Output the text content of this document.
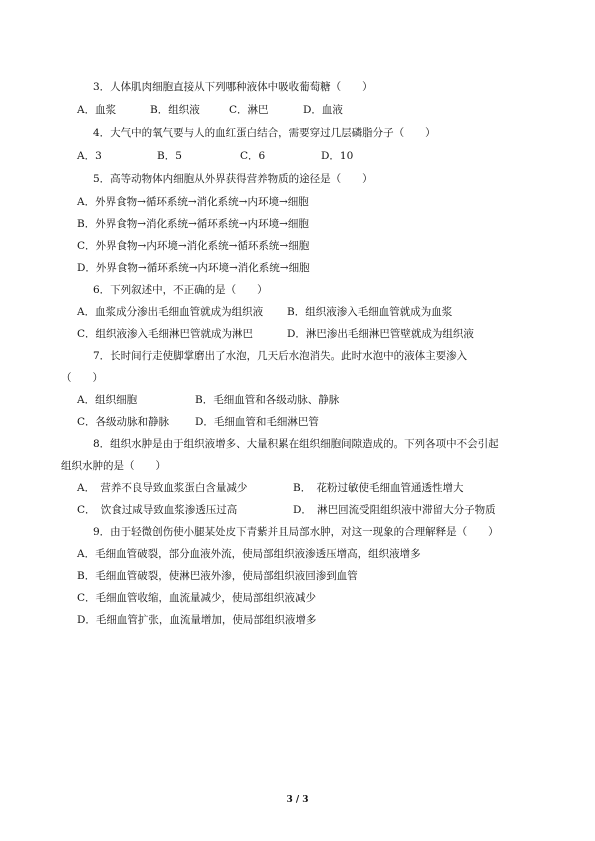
3．人体肌肉细胞直接从下列哪种液体中吸收葡萄糖（　　）
A．血浆	B．组织液	C．淋巴	D．血液
4．大气中的氧气要与人的血红蛋白结合，需要穿过几层磷脂分子（　　）
A．3	B．5	C．6	D．10
5．高等动物体内细胞从外界获得营养物质的途径是（　　）
A．外界食物→循环系统→消化系统→内环境→细胞
B．外界食物→消化系统→循环系统→内环境→细胞
C．外界食物→内环境→消化系统→循环系统→细胞
D．外界食物→循环系统→内环境→消化系统→细胞
6．下列叙述中，不正确的是（　　）
A．血浆成分渗出毛细血管就成为组织液 B．组织液渗入毛细血管就成为血浆
C．组织液渗入毛细淋巴管就成为淋巴	D．淋巴渗出毛细淋巴管壁就成为组织液
7．长时间行走使脚掌磨出了水泡，几天后水泡消失。此时水泡中的液体主要渗入
（　　）
A．组织细胞	B．毛细血管和各级动脉、静脉
C．各级动脉和静脉 D．毛细血管和毛细淋巴管
8．组织水肿是由于组织液增多、大量积累在组织细胞间隙造成的。下列各项中不会引起
组织水肿的是（　　）
A．　营养不良导致血浆蛋白含量减少	B．　花粉过敏使毛细血管通透性增大
C．　饮食过咸导致血浆渗透压过高	D．　淋巴回流受阻组织液中滞留大分子物质
9．由于轻微创伤使小腿某处皮下青紫并且局部水肿，对这一现象的合理解释是（　　）
A．毛细血管破裂，部分血液外流，使局部组织液渗透压增高，组织液增多
B．毛细血管破裂，使淋巴液外渗，使局部组织液回渗到血管
C．毛细血管收缩，血流量减少，使局部组织液减少
D．毛细血管扩张，血流量增加，使局部组织液增多
3 / 3
